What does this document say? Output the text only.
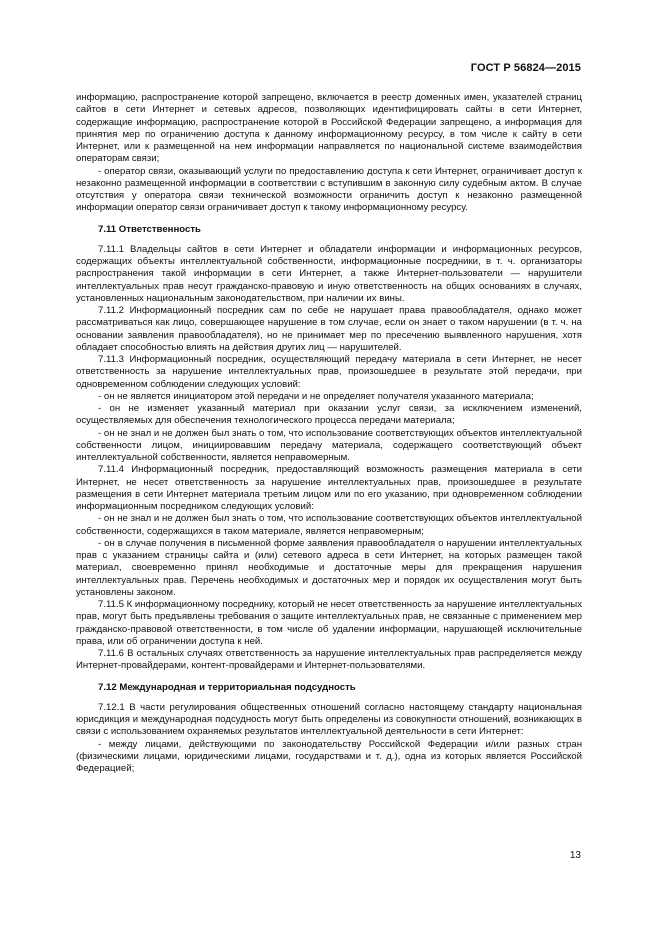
ГОСТ Р 56824—2015

информацию, распространение которой запрещено, включается в реестр доменных имен, указателей страниц сайтов в сети Интернет и сетевых адресов, позволяющих идентифицировать сайты в сети Интернет, содержащие информацию, распространение которой в Российской Федерации запрещено, а информация для принятия мер по ограничению доступа к данному информационному ресурсу, в том числе к сайту в сети Интернет, или к размещенной на нем информации направляется по национальной системе взаимодействия операторам связи;

- оператор связи, оказывающий услуги по предоставлению доступа к сети Интернет, ограничивает доступ к незаконно размещенной информации в соответствии с вступившим в законную силу судебным актом. В случае отсутствия у оператора связи технической возможности ограничить доступ к незаконно размещенной информации оператор связи ограничивает доступ к такому информационному ресурсу.

7.11 Ответственность

7.11.1 Владельцы сайтов в сети Интернет и обладатели информации и информационных ресурсов, содержащих объекты интеллектуальной собственности, информационные посредники, в т. ч. организаторы распространения такой информации в сети Интернет, а также Интернет-пользователи — нарушители интеллектуальных прав несут гражданско-правовую и иную ответственность на общих основаниях в случаях, установленных национальным законодательством, при наличии их вины.

7.11.2 Информационный посредник сам по себе не нарушает права правообладателя, однако может рассматриваться как лицо, совершающее нарушение в том случае, если он знает о таком нарушении (в т. ч. на основании заявления правообладателя), но не принимает мер по пресечению выявленного нарушения, хотя обладает способностью влиять на действия других лиц — нарушителей.

7.11.3 Информационный посредник, осуществляющий передачу материала в сети Интернет, не несет ответственность за нарушение интеллектуальных прав, произошедшее в результате этой передачи, при одновременном соблюдении следующих условий:

- он не является инициатором этой передачи и не определяет получателя указанного материала;

- он не изменяет указанный материал при оказании услуг связи, за исключением изменений, осуществляемых для обеспечения технологического процесса передачи материала;

- он не знал и не должен был знать о том, что использование соответствующих объектов интеллектуальной собственности лицом, инициировавшим передачу материала, содержащего соответствующий объект интеллектуальной собственности, является неправомерным.

7.11.4 Информационный посредник, предоставляющий возможность размещения материала в сети Интернет, не несет ответственность за нарушение интеллектуальных прав, произошедшее в результате размещения в сети Интернет материала третьим лицом или по его указанию, при одновременном соблюдении информационным посредником следующих условий:

- он не знал и не должен был знать о том, что использование соответствующих объектов интеллектуальной собственности, содержащихся в таком материале, является неправомерным;

- он в случае получения в письменной форме заявления правообладателя о нарушении интеллектуальных прав с указанием страницы сайта и (или) сетевого адреса в сети Интернет, на которых размещен такой материал, своевременно принял необходимые и достаточные меры для прекращения нарушения интеллектуальных прав. Перечень необходимых и достаточных мер и порядок их осуществления могут быть установлены законом.

7.11.5 К информационному посреднику, который не несет ответственность за нарушение интеллектуальных прав, могут быть предъявлены требования о защите интеллектуальных прав, не связанные с применением мер гражданско-правовой ответственности, в том числе об удалении информации, нарушающей исключительные права, или об ограничении доступа к ней.

7.11.6 В остальных случаях ответственность за нарушение интеллектуальных прав распределяется между Интернет-провайдерами, контент-провайдерами и Интернет-пользователями.

7.12 Международная и территориальная подсудность

7.12.1 В части регулирования общественных отношений согласно настоящему стандарту национальная юрисдикция и международная подсудность могут быть определены из совокупности отношений, возникающих в связи с использованием охраняемых результатов интеллектуальной деятельности в сети Интернет:

- между лицами, действующими по законодательству Российской Федерации и/или разных стран (физическими лицами, юридическими лицами, государствами и т. д.), одна из которых является Российской Федерацией;

13
